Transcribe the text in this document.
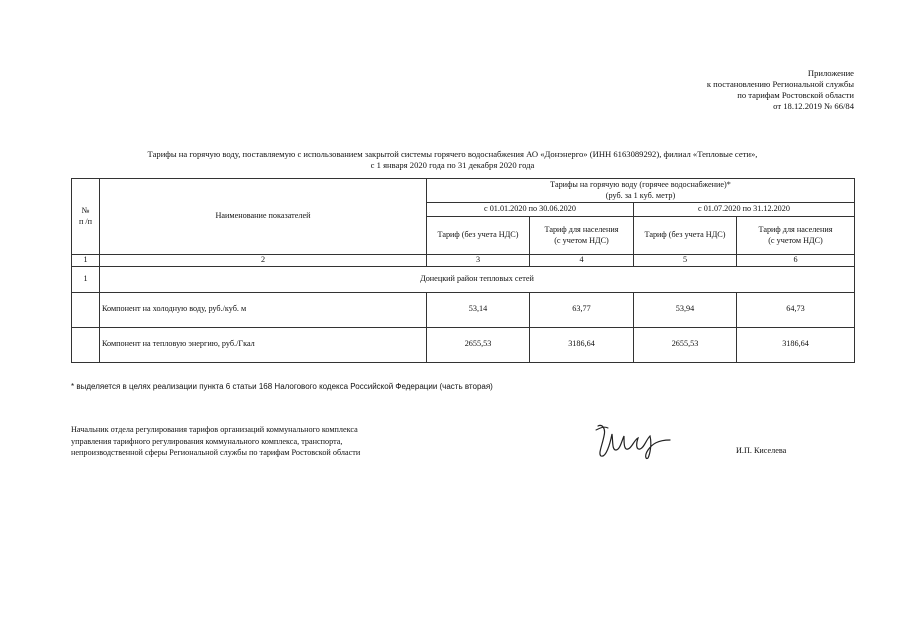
Приложение
к постановлению Региональной службы
по тарифам Ростовской области
от 18.12.2019 № 66/84
Тарифы на горячую воду, поставляемую с использованием закрытой системы горячего водоснабжения АО «Донэнерго» (ИНН 6163089292), филиал «Тепловые сети»,
с 1 января 2020 года по 31 декабря 2020 года
№
п /п	Наименование показателей	Тарифы на горячую воду (горячее водоснабжение)*
(руб. за 1 куб. метр)			
		с 01.01.2020 по 30.06.2020		с 01.07.2020 по 31.12.2020	
		Тариф (без учета НДС)	Тариф для населения
(с учетом НДС)	Тариф (без учета НДС)	Тариф для населения
(с учетом НДС)
1	2	3	4	5	6
1	Донецкий район тепловых сетей				
	Компонент на холодную воду, руб./куб. м	53,14	63,77	53,94	64,73
	Компонент на тепловую энергию, руб./Гкал	2655,53	3186,64	2655,53	3186,64
* выделяется в целях реализации пункта 6 статьи 168 Налогового кодекса Российской Федерации (часть вторая)
Начальник отдела регулирования тарифов организаций коммунального комплекса
управления тарифного регулирования коммунального комплекса, транспорта,
непроизводственной сферы Региональной службы по тарифам Ростовской области	И.П. Киселева
